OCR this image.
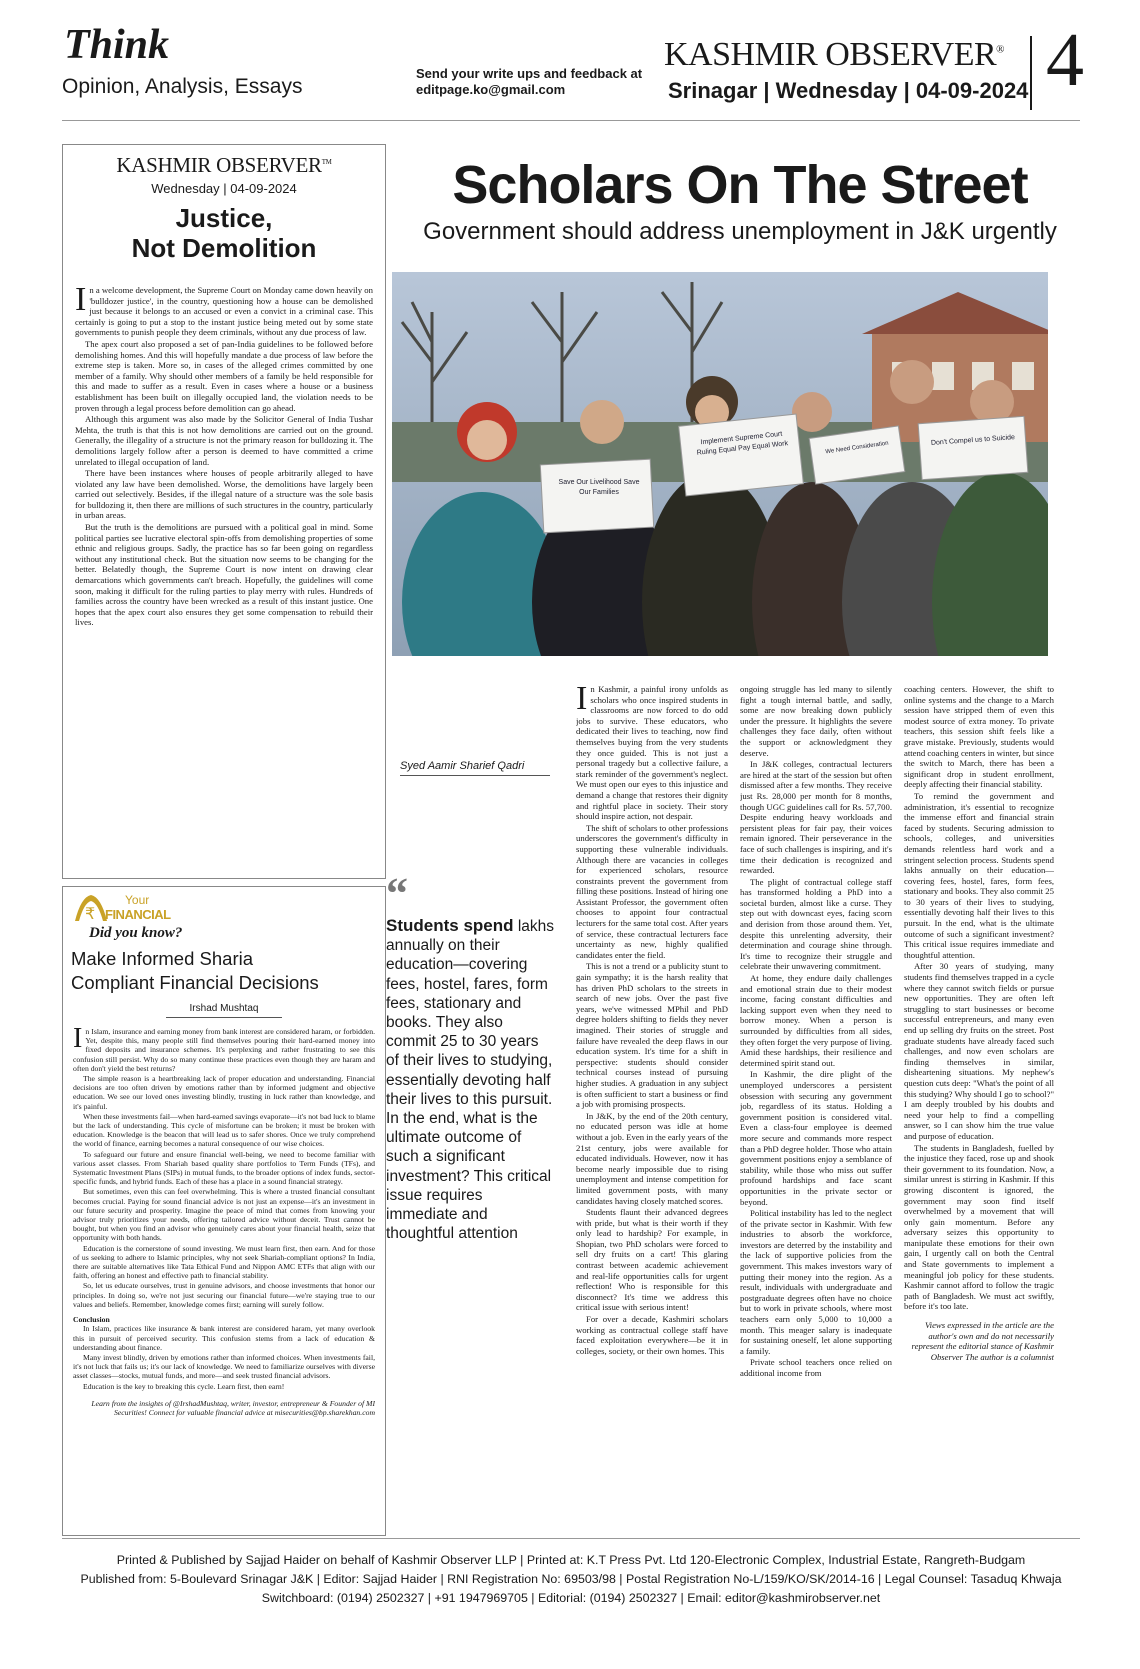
Think
Opinion, Analysis, Essays
Send your write ups and feedback at
editpage.ko@gmail.com
KASHMIR OBSERVER®
Srinagar | Wednesday | 04-09-2024 4
KASHMIR OBSERVER™
Wednesday | 04-09-2024
Justice,
Not Demolition
I n a welcome development, the Supreme Court on Monday came down heavily on 'bulldozer justice', in the country, questioning how a house can be demolished just because it belongs to an accused or even a convict in a criminal case. This certainly is going to put a stop to the instant justice being meted out by some state governments to punish people they deem criminals, without any due process of law.

The apex court also proposed a set of pan-India guidelines to be followed before demolishing homes. And this will hopefully mandate a due process of law before the extreme step is taken. More so, in cases of the alleged crimes committed by one member of a family. Why should other members of a family be held responsible for this and made to suffer as a result. Even in cases where a house or a business establishment has been built on illegally occupied land, the violation needs to be proven through a legal process before demolition can go ahead.

Although this argument was also made by the Solicitor General of India Tushar Mehta, the truth is that this is not how demolitions are carried out on the ground. Generally, the illegality of a structure is not the primary reason for bulldozing it. The demolitions largely follow after a person is deemed to have committed a crime unrelated to illegal occupation of land.

There have been instances where houses of people arbitrarily alleged to have violated any law have been demolished. Worse, the demolitions have largely been carried out selectively. Besides, if the illegal nature of a structure was the sole basis for bulldozing it, then there are millions of such structures in the country, particularly in urban areas.

But the truth is the demolitions are pursued with a political goal in mind. Some political parties see lucrative electoral spin-offs from demolishing properties of some ethnic and religious groups. Sadly, the practice has so far been going on regardless without any institutional check. But the situation now seems to be changing for the better. Belatedly though, the Supreme Court is now intent on drawing clear demarcations which governments can't breach. Hopefully, the guidelines will come soon, making it difficult for the ruling parties to play merry with rules. Hundreds of families across the country have been wrecked as a result of this instant justice. One hopes that the apex court also ensures they get some compensation to rebuild their lives.

₹
Your
FINANCIAL
Did you know?
Make Informed Sharia
Compliant Financial Decisions
Irshad Mushtaq
I n Islam, insurance and earning money from bank interest are considered haram, or forbidden. Yet, despite this, many people still find themselves pouring their hard-earned money into fixed deposits and insurance schemes. It's perplexing and rather frustrating to see this confusion still persist. Why do so many continue these practices even though they are haram and often don't yield the best returns?

The simple reason is a heartbreaking lack of proper education and understanding. Financial decisions are too often driven by emotions rather than by informed judgment and objective education. We see our loved ones investing blindly, trusting in luck rather than knowledge, and it's painful.

When these investments fail—when hard-earned savings evaporate—it's not bad luck to blame but the lack of understanding. This cycle of misfortune can be broken; it must be broken with education. Knowledge is the beacon that will lead us to safer shores. Once we truly comprehend the world of finance, earning becomes a natural consequence of our wise choices.

To safeguard our future and ensure financial well-being, we need to become familiar with various asset classes. From Shariah based quality share portfolios to Term Funds (TFs), and Systematic Investment Plans (SIPs) in mutual funds, to the broader options of index funds, sector-specific funds, and hybrid funds. Each of these has a place in a sound financial strategy.

But sometimes, even this can feel overwhelming. This is where a trusted financial consultant becomes crucial. Paying for sound financial advice is not just an expense—it's an investment in our future security and prosperity. Imagine the peace of mind that comes from knowing your advisor truly prioritizes your needs, offering tailored advice without deceit. Trust cannot be bought, but when you find an advisor who genuinely cares about your financial health, seize that opportunity with both hands.

Education is the cornerstone of sound investing. We must learn first, then earn. And for those of us seeking to adhere to Islamic principles, why not seek Shariah-compliant options? In India, there are suitable alternatives like Tata Ethical Fund and Nippon AMC ETFs that align with our faith, offering an honest and effective path to financial stability.

So, let us educate ourselves, trust in genuine advisors, and choose investments that honor our principles. In doing so, we're not just securing our financial future—we're staying true to our values and beliefs. Remember, knowledge comes first; earning will surely follow.

Conclusion

In Islam, practices like insurance & bank interest are considered haram, yet many overlook this in pursuit of perceived security. This confusion stems from a lack of education & understanding about finance.

Many invest blindly, driven by emotions rather than informed choices. When investments fail, it's not luck that fails us; it's our lack of knowledge. We need to familiarize ourselves with diverse asset classes—stocks, mutual funds, and more—and seek trusted financial advisors.

Education is the key to breaking this cycle. Learn first, then earn!

Learn from the insights of @IrshadMushtaq, writer, investor, entrepreneur & Founder of MI Securities! Connect for valuable financial advice at misecurities@bp.sharekhan.com
Scholars On The Street
Government should address unemployment in J&K urgently
Save Our Livelihood Save Our Families
Implement Supreme Court Ruling Equal Pay Equal Work	We Need Consideration
Don't Compel us to Suicide
Syed Aamir Sharief Qadri
“
Students spend lakhs annually on their education—covering fees, hostel, fares, form fees, stationary and books. They also commit 25 to 30 years of their lives to studying, essentially devoting half their lives to this pursuit. In the end, what is the ultimate outcome of such a significant investment? This critical issue requires immediate and thoughtful attention
I n Kashmir, a painful irony unfolds as scholars who once inspired students in classrooms are now forced to do odd jobs to survive. These educators, who dedicated their lives to teaching, now find themselves buying from the very students they once guided. This is not just a personal tragedy but a collective failure, a stark reminder of the government's neglect. We must open our eyes to this injustice and demand a change that restores their dignity and rightful place in society. Their story should inspire action, not despair.

The shift of scholars to other professions underscores the government's difficulty in supporting these vulnerable individuals. Although there are vacancies in colleges for experienced scholars, resource constraints prevent the government from filling these positions. Instead of hiring one Assistant Professor, the government often chooses to appoint four contractual lecturers for the same total cost. After years of service, these contractual lecturers face uncertainty as new, highly qualified candidates enter the field.

This is not a trend or a publicity stunt to gain sympathy; it is the harsh reality that has driven PhD scholars to the streets in search of new jobs. Over the past five years, we've witnessed MPhil and PhD degree holders shifting to fields they never imagined. Their stories of struggle and failure have revealed the deep flaws in our education system. It's time for a shift in perspective: students should consider technical courses instead of pursuing higher studies. A graduation in any subject is often sufficient to start a business or find a job with promising prospects.

In J&K, by the end of the 20th century, no educated person was idle at home without a job. Even in the early years of the 21st century, jobs were available for educated individuals. However, now it has become nearly impossible due to rising unemployment and intense competition for limited government posts, with many candidates having closely matched scores.

Students flaunt their advanced degrees with pride, but what is their worth if they only lead to hardship? For example, in Shopian, two PhD scholars were forced to sell dry fruits on a cart! This glaring contrast between academic achievement and real-life opportunities calls for urgent reflection! Who is responsible for this disconnect? It's time we address this critical issue with serious intent!

For over a decade, Kashmiri scholars working as contractual college staff have faced exploitation everywhere—be it in colleges, society, or their own homes. This

ongoing struggle has led many to silently fight a tough internal battle, and sadly, some are now breaking down publicly under the pressure. It highlights the severe challenges they face daily, often without the support or acknowledgment they deserve.

In J&K colleges, contractual lecturers are hired at the start of the session but often dismissed after a few months. They receive just Rs. 28,000 per month for 8 months, though UGC guidelines call for Rs. 57,700. Despite enduring heavy workloads and persistent pleas for fair pay, their voices remain ignored. Their perseverance in the face of such challenges is inspiring, and it's time their dedication is recognized and rewarded.

The plight of contractual college staff has transformed holding a PhD into a societal burden, almost like a curse. They step out with downcast eyes, facing scorn and derision from those around them. Yet, despite this unrelenting adversity, their determination and courage shine through. It's time to recognize their struggle and celebrate their unwavering commitment.

At home, they endure daily challenges and emotional strain due to their modest income, facing constant difficulties and lacking support even when they need to borrow money. When a person is surrounded by difficulties from all sides, they often forget the very purpose of living. Amid these hardships, their resilience and determined spirit stand out.

In Kashmir, the dire plight of the unemployed underscores a persistent obsession with securing any government job, regardless of its status. Holding a government position is considered vital. Even a class-four employee is deemed more secure and commands more respect than a PhD degree holder. Those who attain government positions enjoy a semblance of stability, while those who miss out suffer profound hardships and face scant opportunities in the private sector or beyond.

Political instability has led to the neglect of the private sector in Kashmir. With few industries to absorb the workforce, investors are deterred by the instability and the lack of supportive policies from the government. This makes investors wary of putting their money into the region. As a result, individuals with undergraduate and postgraduate degrees often have no choice but to work in private schools, where most teachers earn only 5,000 to 10,000 a month. This meager salary is inadequate for sustaining oneself, let alone supporting a family.

Private school teachers once relied on additional income from

coaching centers. However, the shift to online systems and the change to a March session have stripped them of even this modest source of extra money. To private teachers, this session shift feels like a grave mistake. Previously, students would attend coaching centers in winter, but since the switch to March, there has been a significant drop in student enrollment, deeply affecting their financial stability.

To remind the government and administration, it's essential to recognize the immense effort and financial strain faced by students. Securing admission to schools, colleges, and universities demands relentless hard work and a stringent selection process. Students spend lakhs annually on their education—covering fees, hostel, fares, form fees, stationary and books. They also commit 25 to 30 years of their lives to studying, essentially devoting half their lives to this pursuit. In the end, what is the ultimate outcome of such a significant investment? This critical issue requires immediate and thoughtful attention.

After 30 years of studying, many students find themselves trapped in a cycle where they cannot switch fields or pursue new opportunities. They are often left struggling to start businesses or become successful entrepreneurs, and many even end up selling dry fruits on the street. Post graduate students have already faced such challenges, and now even scholars are finding themselves in similar, disheartening situations. My nephew's question cuts deep: "What's the point of all this studying? Why should I go to school?" I am deeply troubled by his doubts and need your help to find a compelling answer, so I can show him the true value and purpose of education.

The students in Bangladesh, fuelled by the injustice they faced, rose up and shook their government to its foundation. Now, a similar unrest is stirring in Kashmir. If this growing discontent is ignored, the government may soon find itself overwhelmed by a movement that will only gain momentum. Before any adversary seizes this opportunity to manipulate these emotions for their own gain, I urgently call on both the Central and State governments to implement a meaningful job policy for these students. Kashmir cannot afford to follow the tragic path of Bangladesh. We must act swiftly, before it's too late.

Views expressed in the article are the author's own and do not necessarily represent the editorial stance of Kashmir Observer The author is a columnist

Printed & Published by Sajjad Haider on behalf of Kashmir Observer LLP | Printed at: K.T Press Pvt. Ltd 120-Electronic Complex, Industrial Estate, Rangreth-Budgam
Published from: 5-Boulevard Srinagar J&K | Editor: Sajjad Haider | RNI Registration No: 69503/98 | Postal Registration No-L/159/KO/SK/2014-16 | Legal Counsel: Tasaduq Khwaja
Switchboard: (0194) 2502327 | +91 1947969705 | Editorial: (0194) 2502327 | Email: editor@kashmirobserver.net
